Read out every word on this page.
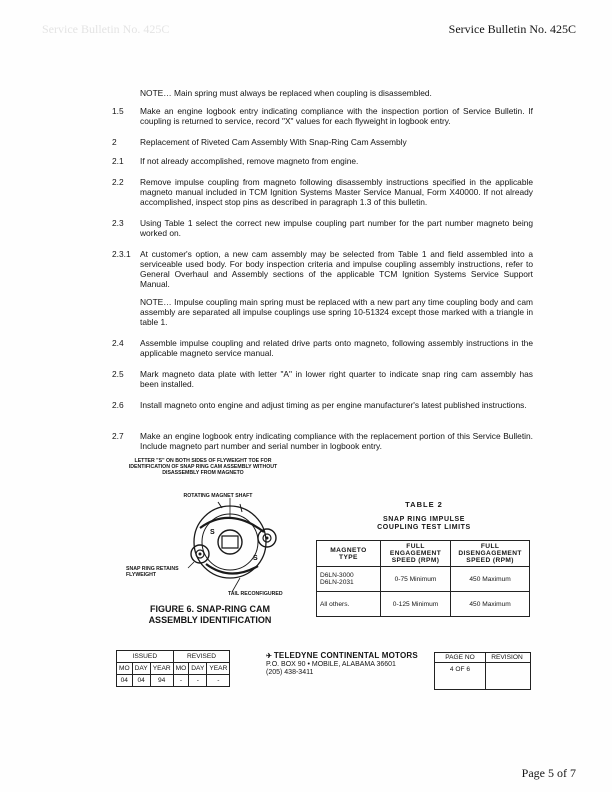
Service Bulletin No. 425C	Service Bulletin No. 425C
NOTE… Main spring must always be replaced when coupling is disassembled.
1.5	Make an engine logbook entry indicating compliance with the inspection portion of Service Bulletin. If coupling is returned to service, record "X" values for each flyweight in logbook entry.
2	Replacement of Riveted Cam Assembly With Snap-Ring Cam Assembly
2.1	If not already accomplished, remove magneto from engine.
2.2	Remove impulse coupling from magneto following disassembly instructions specified in the applicable magneto manual included in TCM Ignition Systems Master Service Manual, Form X40000. If not already accomplished, inspect stop pins as described in paragraph 1.3 of this bulletin.
2.3	Using Table 1 select the correct new impulse coupling part number for the part number magneto being worked on.
2.3.1	At customer's option, a new cam assembly may be selected from Table 1 and field assembled into a serviceable used body. For body inspection criteria and impulse coupling assembly instructions, refer to General Overhaul and Assembly sections of the applicable TCM Ignition Systems Service Support Manual.
NOTE… Impulse coupling main spring must be replaced with a new part any time coupling body and cam assembly are separated all impulse couplings use spring 10-51324 except those marked with a triangle in table 1.
2.4	Assemble impulse coupling and related drive parts onto magneto, following assembly instructions in the applicable magneto service manual.
2.5	Mark magneto data plate with letter "A" in lower right quarter to indicate snap ring cam assembly has been installed.
2.6	Install magneto onto engine and adjust timing as per engine manufacturer's latest published instructions.
2.7	Make an engine logbook entry indicating compliance with the replacement portion of this Service Bulletin. Include magneto part number and serial number in logbook entry.
LETTER "S" ON BOTH SIDES OF FLYWEIGHT TOE FOR IDENTIFICATION OF SNAP RING CAM ASSEMBLY WITHOUT DISASSEMBLY FROM MAGNETO
ROTATING MAGNET SHAFT
SNAP RING RETAINS FLYWEIGHT
TAIL RECONFIGURED
S
S
FIGURE 6. SNAP-RING CAM
ASSEMBLY IDENTIFICATION
TABLE 2
SNAP RING IMPULSE
COUPLING TEST LIMITS
MAGNETO TYPE	FULL ENGAGEMENT SPEED (RPM)	FULL DISENGAGEMENT SPEED (RPM)

D6LN-3000
D6LN-2031	0-75 Minimum	450 Maximum
All others.	0-125 Minimum	450 Maximum
ISSUED			REVISED		
MO	DAY	YEAR	MO	DAY	YEAR
04	04	94	-	-	-
✈ TELEDYNE CONTINENTAL MOTORS
P.O. BOX 90 • MOBILE, ALABAMA 36601
(205) 438-3411
PAGE NO
4 OF 6
REVISION
Page 5 of 7
